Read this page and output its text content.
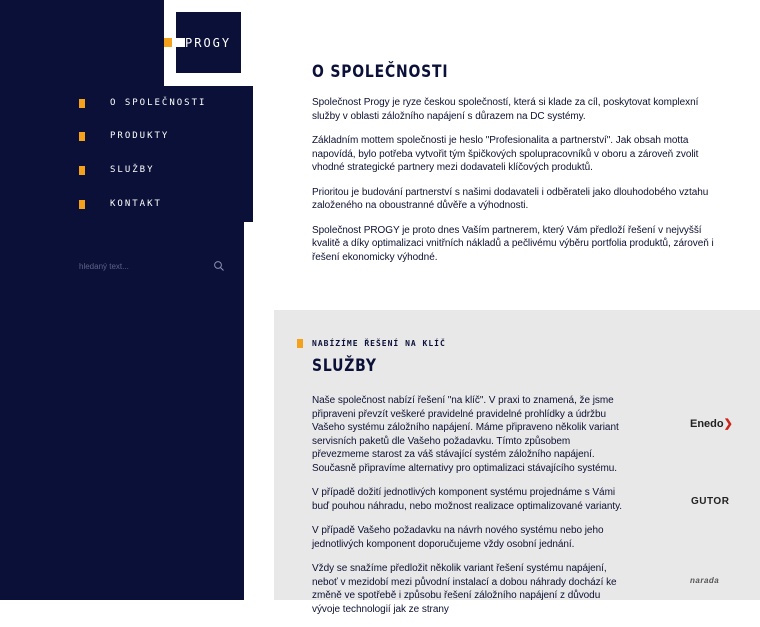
PROGY
O SPOLEČNOSTI
PRODUKTY
SLUŽBY
KONTAKT
hledaný text...
O SPOLEČNOSTI

Společnost Progy je ryze českou společností, která si klade za cíl, poskytovat komplexní služby v oblasti záložního napájení s důrazem na DC systémy.

Základním mottem společnosti je heslo "Profesionalita a partnerství". Jak obsah motta napovídá, bylo potřeba vytvořit tým špičkových spolupracovníků v oboru a zároveň zvolit vhodné strategické partnery mezi dodavateli klíčových produktů.

Prioritou je budování partnerství s našimi dodavateli i odběrateli jako dlouhodobého vztahu založeného na oboustranné důvěře a výhodnosti.

Společnost PROGY je proto dnes Vaším partnerem, který Vám předloží řešení v nejvyšší kvalitě a díky optimalizaci vnitřních nákladů a pečlivému výběru portfolia produktů, zároveň i řešení ekonomicky výhodné.

NABÍZÍME ŘEŠENÍ NA KLÍČ
SLUŽBY

Naše společnost nabízí řešení "na klíč". V praxi to znamená, že jsme připraveni převzít veškeré pravidelné pravidelné prohlídky a údržbu Vašeho systému záložního napájení. Máme připraveno několik variant servisních paketů dle Vašeho požadavku. Tímto způsobem převezmeme starost za váš stávající systém záložního napájení. Současně připravíme alternativy pro optimalizaci stávajícího systému.

V případě dožití jednotlivých komponent systému projednáme s Vámi buď pouhou náhradu, nebo možnost realizace optimalizované varianty.

V případě Vašeho požadavku na návrh nového systému nebo jeho jednotlivých komponent doporučujeme vždy osobní jednání.

Vždy se snažíme předložit několik variant řešení systému napájení, neboť v mezidobí mezi původní instalací a dobou náhrady dochází ke změně ve spotřebě i způsobu řešení záložního napájení z důvodu vývoje technologií jak ze strany

Enedo❯
GUTOR
narada
